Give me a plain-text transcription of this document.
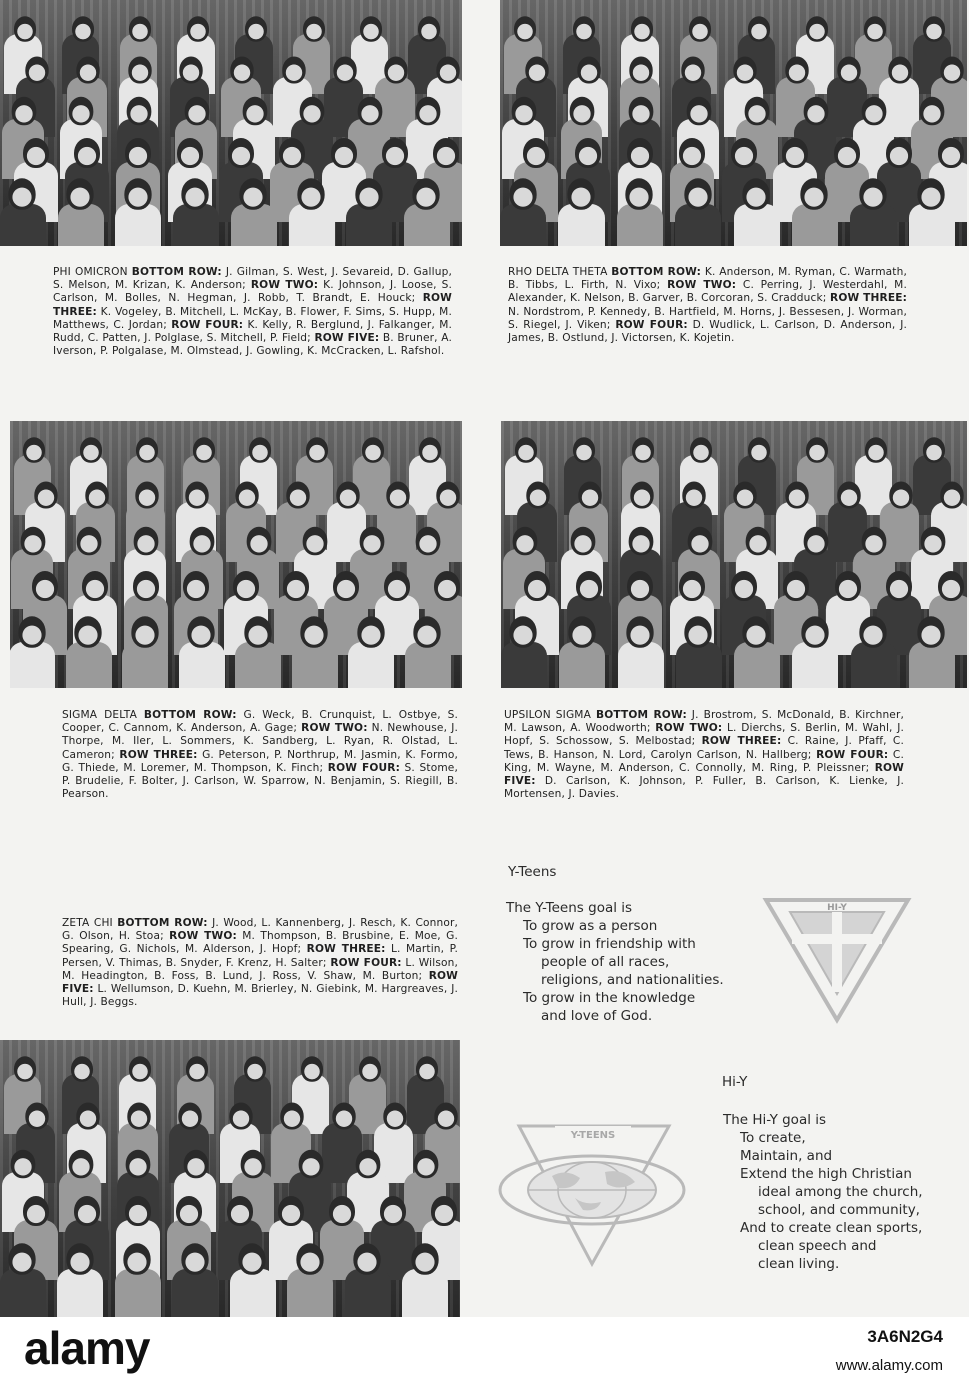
PHI OMICRON BOTTOM ROW: J. Gilman, S. West, J. Sevareid, D. Gallup, S. Melson, M. Krizan, K. Anderson; ROW TWO: K. Johnson, J. Loose, S. Carlson, M. Bolles, N. Hegman, J. Robb, T. Brandt, E. Houck; ROW THREE: K. Vogeley, B. Mitchell, L. McKay, B. Flower, F. Sims, S. Hupp, M. Matthews, C. Jordan; ROW FOUR: K. Kelly, R. Berglund, J. Falkanger, M. Rudd, C. Patten, J. Polglase, S. Mitchell, P. Field; ROW FIVE: B. Bruner, A. Iverson, P. Polgalase, M. Olmstead, J. Gowling, K. McCracken, L. Rafshol.

RHO DELTA THETA BOTTOM ROW: K. Anderson, M. Ryman, C. Warmath, B. Tibbs, L. Firth, N. Vixo; ROW TWO: C. Perring, J. Westerdahl, M. Alexander, K. Nelson, B. Garver, B. Corcoran, S. Cradduck; ROW THREE: N. Nordstrom, P. Kennedy, B. Hartfield, M. Horns, J. Bessesen, J. Worman, S. Riegel, J. Viken; ROW FOUR: D. Wudlick, L. Carlson, D. Anderson, J. James, B. Ostlund, J. Victorsen, K. Kojetin.

SIGMA DELTA BOTTOM ROW: G. Weck, B. Crunquist, L. Ostbye, S. Cooper, C. Cannom, K. Anderson, A. Gage; ROW TWO: N. Newhouse, J. Thorpe, M. Iler, L. Sommers, K. Sandberg, L. Ryan, R. Olstad, L. Cameron; ROW THREE: G. Peterson, P. Northrup, M. Jasmin, K. Formo, G. Thiede, M. Loremer, M. Thompson, K. Finch; ROW FOUR: S. Stome, P. Brudelie, F. Bolter, J. Carlson, W. Sparrow, N. Benjamin, S. Riegill, B. Pearson.

UPSILON SIGMA BOTTOM ROW: J. Brostrom, S. McDonald, B. Kirchner, M. Lawson, A. Woodworth; ROW TWO: L. Dierchs, S. Berlin, M. Wahl, J. Hopf, S. Schossow, S. Melbostad; ROW THREE: C. Raine, J. Pfaff, C. Tews, B. Hanson, N. Lord, Carolyn Carlson, N. Hallberg; ROW FOUR: C. King, M. Wayne, M. Anderson, C. Connolly, M. Ring, P. Pleissner; ROW FIVE: D. Carlson, K. Johnson, P. Fuller, B. Carlson, K. Lienke, J. Mortensen, J. Davies.

ZETA CHI BOTTOM ROW: J. Wood, L. Kannenberg, J. Resch, K. Connor, G. Olson, H. Stoa; ROW TWO: M. Thompson, B. Brusbine, E. Moe, G. Spearing, G. Nichols, M. Alderson, J. Hopf; ROW THREE: L. Martin, P. Persen, V. Thimas, B. Snyder, F. Krenz, H. Salter; ROW FOUR: L. Wilson, M. Headington, B. Foss, B. Lund, J. Ross, V. Shaw, M. Burton; ROW FIVE: L. Wellumson, D. Kuehn, M. Brierley, N. Giebink, M. Hargreaves, J. Hull, J. Beggs.

Y-Teens
The Y-Teens goal is
To grow as a person
To grow in friendship with
people of all races,
religions, and nationalities.
To grow in the knowledge
and love of God.
HI-Y
Hi-Y
The Hi-Y goal is
To create,
Maintain, and
Extend the high Christian
ideal among the church,
school, and community,
And to create clean sports,
clean speech and
clean living.
Y-TEENS
alamy	3A6N2G4
www.alamy.com
